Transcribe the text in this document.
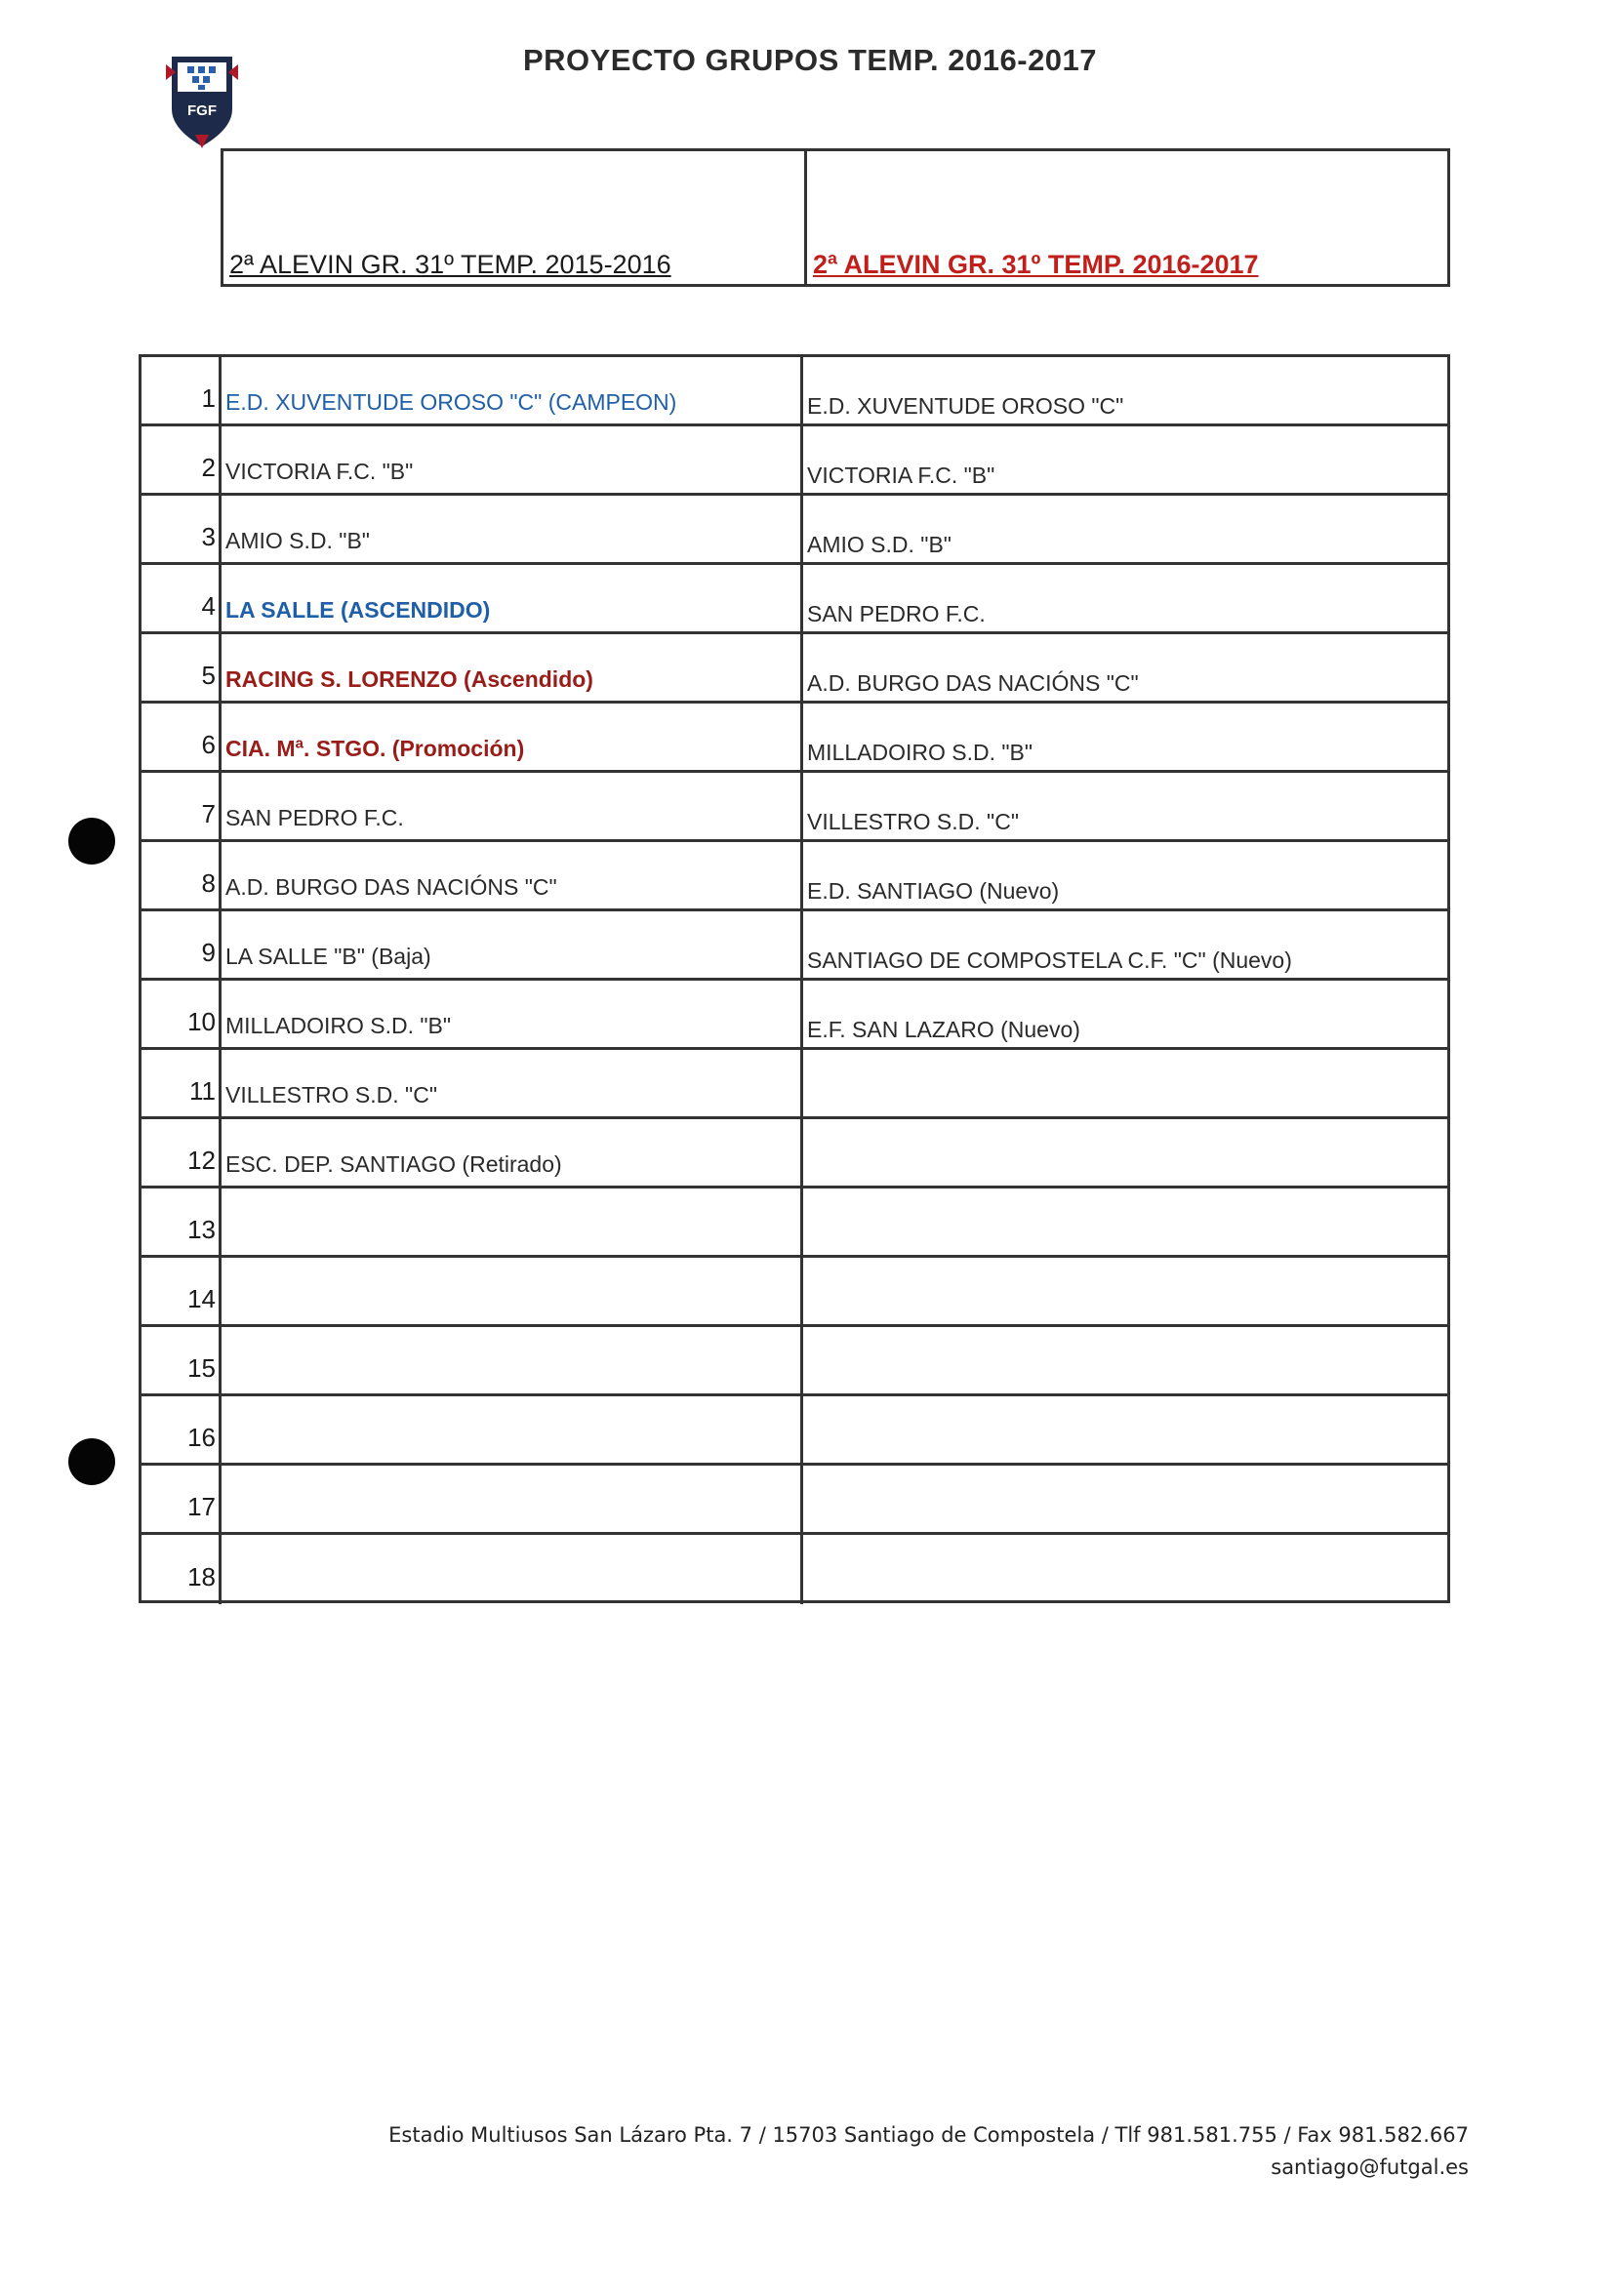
FGF
PROYECTO GRUPOS TEMP. 2016-2017
2ª ALEVIN GR. 31º TEMP. 2015-2016	2ª ALEVIN GR. 31º TEMP. 2016-2017
1 E.D. XUVENTUDE OROSO "C" (CAMPEON)	E.D. XUVENTUDE OROSO "C"
2 VICTORIA F.C. "B"	VICTORIA F.C. "B"
3 AMIO S.D. "B"	AMIO S.D. "B"
4 LA SALLE (ASCENDIDO)	SAN PEDRO F.C.
5 RACING S. LORENZO (Ascendido)	A.D. BURGO DAS NACIÓNS "C"
6 CIA. Mª. STGO. (Promoción)	MILLADOIRO S.D. "B"
7 SAN PEDRO F.C.	VILLESTRO S.D. "C"
8 A.D. BURGO DAS NACIÓNS "C"	E.D. SANTIAGO (Nuevo)
9 LA SALLE "B" (Baja)	SANTIAGO DE COMPOSTELA C.F. "C" (Nuevo)
10 MILLADOIRO S.D. "B"	E.F. SAN LAZARO (Nuevo)
11 VILLESTRO S.D. "C"
12 ESC. DEP. SANTIAGO (Retirado)
13
14
15
16
17
18
Estadio Multiusos San Lázaro Pta. 7 / 15703 Santiago de Compostela / Tlf 981.581.755 / Fax 981.582.667
santiago@futgal.es
